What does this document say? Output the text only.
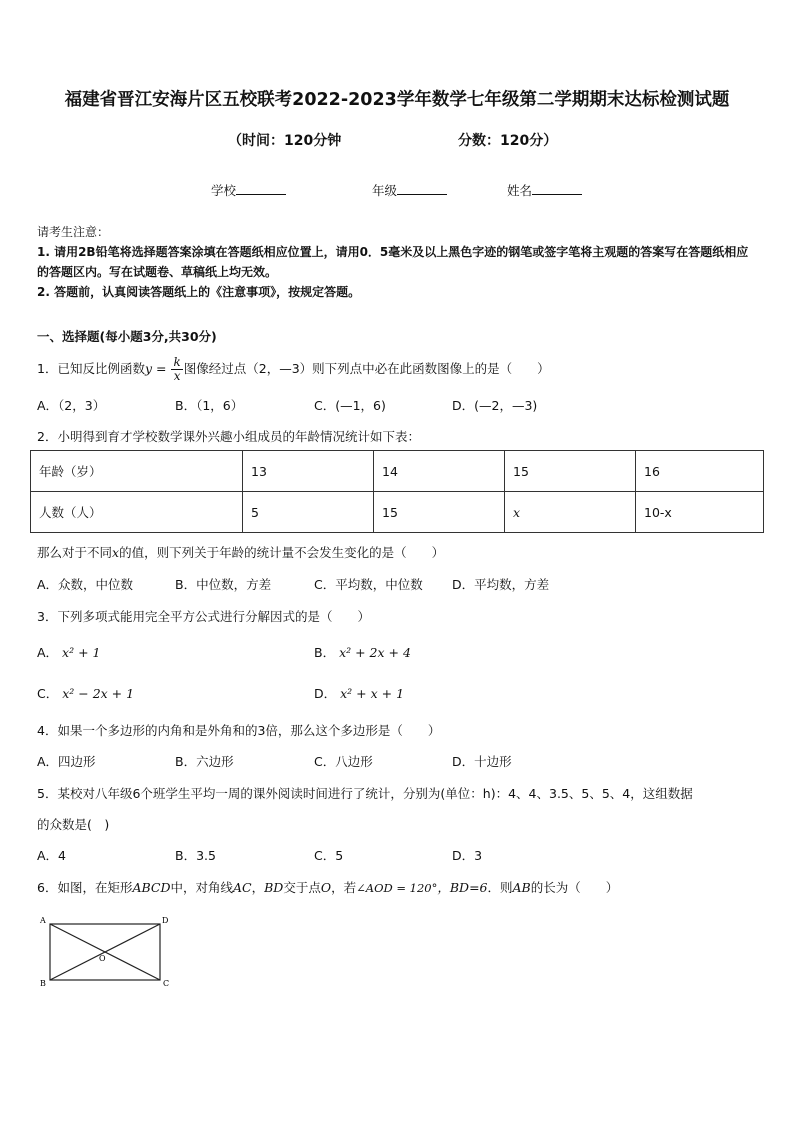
福建省晋江安海片区五校联考2022-2023学年数学七年级第二学期期末达标检测试题
（时间：120分钟	分数：120分）
学校	年级	姓名
请考生注意：
1. 请用2B铅笔将选择题答案涂填在答题纸相应位置上，请用0．5毫米及以上黑色字迹的钢笔或签字笔将主观题的答案写在答题纸相应的答题区内。写在试题卷、草稿纸上均无效。
2. 答题前，认真阅读答题纸上的《注意事项》，按规定答题。
一、选择题(每小题3分,共30分)
1．已知反比例函数$y = \frac{k}{x}$ 图像经过点（2，—3）则下列点中必在此函数图像上的是（　　）
A．（2，3）	B．（1，6）	C．(—1，6)	D．(—2，—3)
2．小明得到育才学校数学课外兴趣小组成员的年龄情况统计如下表：
年龄（岁）	13	14	15	16
人数（人）	5	15	x	10-x
那么对于不同x的值，则下列关于年龄的统计量不会发生变化的是（　　）
A．众数，中位数	B．中位数，方差	C．平均数，中位数 D．平均数，方差
3．下列多项式能用完全平方公式进行分解因式的是（　　）
A． x² + 1	B． x² + 2x + 4
C． x² − 2x + 1	D． x² + x + 1
4．如果一个多边形的内角和是外角和的3倍，那么这个多边形是（　　）
A．四边形	B．六边形	C．八边形	D．十边形
5．某校对八年级6个班学生平均一周的课外阅读时间进行了统计，分别为(单位：h)：4、4、3.5、5、5、4，这组数据
的众数是(　)
A．4	B．3.5	C．5	D．3
6．如图，在矩形ABCD中，对角线AC，BD交于点O，若∠AOD = 120°，BD=6．则AB的长为（　　）
A
B	C
D
O
